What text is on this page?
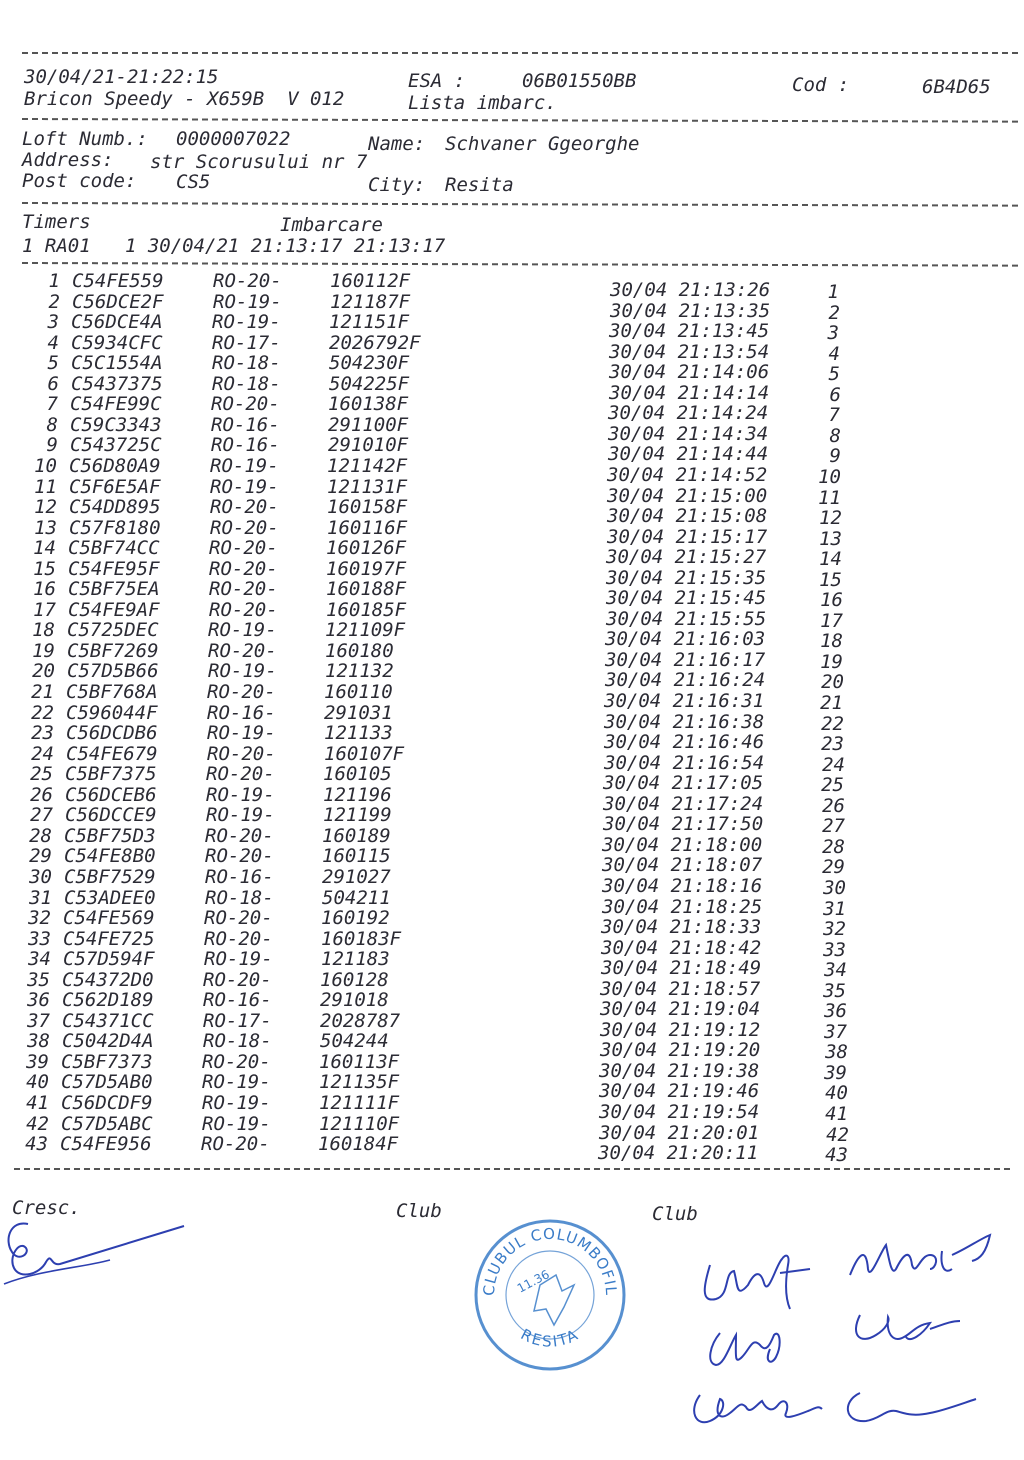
30/04/21-21:22:15	ESA :	06B01550BB	Cod :	6B4D65
Bricon Speedy - X659B  V 012	Lista imbarc.
Loft Numb.: 0000007022	Name: Schvaner Ggeorghe
Address: str Scorusului nr 7
Post code: CS5	City: Resita
Timers	Imbarcare
1 RA01   1 30/04/21 21:13:17 21:13:17
1 C54FE559	RO-20-	160112F	30/04 21:13:26	1
2 C56DCE2F	RO-19-	121187F	30/04 21:13:35	2
3 C56DCE4A	RO-19-	121151F	30/04 21:13:45	3
4 C5934CFC	RO-17-	2026792F	30/04 21:13:54	4
5 C5C1554A	RO-18-	504230F	30/04 21:14:06	5
6 C5437375	RO-18-	504225F	30/04 21:14:14	6
7 C54FE99C	RO-20-	160138F	30/04 21:14:24	7
8 C59C3343	RO-16-	291100F	30/04 21:14:34	8
9 C543725C	RO-16-	291010F	30/04 21:14:44	9
10 C56D80A9	RO-19-	121142F	30/04 21:14:52	10
11 C5F6E5AF	RO-19-	121131F	30/04 21:15:00	11
12 C54DD895	RO-20-	160158F	30/04 21:15:08	12
13 C57F8180	RO-20-	160116F	30/04 21:15:17	13
14 C5BF74CC	RO-20-	160126F	30/04 21:15:27	14
15 C54FE95F	RO-20-	160197F	30/04 21:15:35	15
16 C5BF75EA	RO-20-	160188F	30/04 21:15:45	16
17 C54FE9AF	RO-20-	160185F	30/04 21:15:55	17
18 C5725DEC	RO-19-	121109F	30/04 21:16:03	18
19 C5BF7269	RO-20-	160180	30/04 21:16:17	19
20 C57D5B66	RO-19-	121132	30/04 21:16:24	20
21 C5BF768A	RO-20-	160110	30/04 21:16:31	21
22 C596044F	RO-16-	291031	30/04 21:16:38	22
23 C56DCDB6	RO-19-	121133	30/04 21:16:46	23
24 C54FE679	RO-20-	160107F	30/04 21:16:54	24
25 C5BF7375	RO-20-	160105	30/04 21:17:05	25
26 C56DCEB6	RO-19-	121196	30/04 21:17:24	26
27 C56DCCE9	RO-19-	121199	30/04 21:17:50	27
28 C5BF75D3	RO-20-	160189	30/04 21:18:00	28
29 C54FE8B0	RO-20-	160115	30/04 21:18:07	29
30 C5BF7529	RO-16-	291027	30/04 21:18:16	30
31 C53ADEE0	RO-18-	504211	30/04 21:18:25	31
32 C54FE569	RO-20-	160192	30/04 21:18:33	32
33 C54FE725	RO-20-	160183F	30/04 21:18:42	33
34 C57D594F	RO-19-	121183	30/04 21:18:49	34
35 C54372D0	RO-20-	160128	30/04 21:18:57	35
36 C562D189	RO-16-	291018	30/04 21:19:04	36
37 C54371CC	RO-17-	2028787	30/04 21:19:12	37
38 C5042D4A	RO-18-	504244	30/04 21:19:20	38
39 C5BF7373	RO-20-	160113F	30/04 21:19:38	39
40 C57D5AB0	RO-19-	121135F	30/04 21:19:46	40
41 C56DCDF9	RO-19-	121111F	30/04 21:19:54	41
42 C57D5ABC	RO-19-	121110F	30/04 21:20:01	42
43 C54FE956	RO-20-	160184F	30/04 21:20:11	43
Cresc.	Club	Club
CLUBUL COLUMBOFIL
RESITA
11.36
MANER
